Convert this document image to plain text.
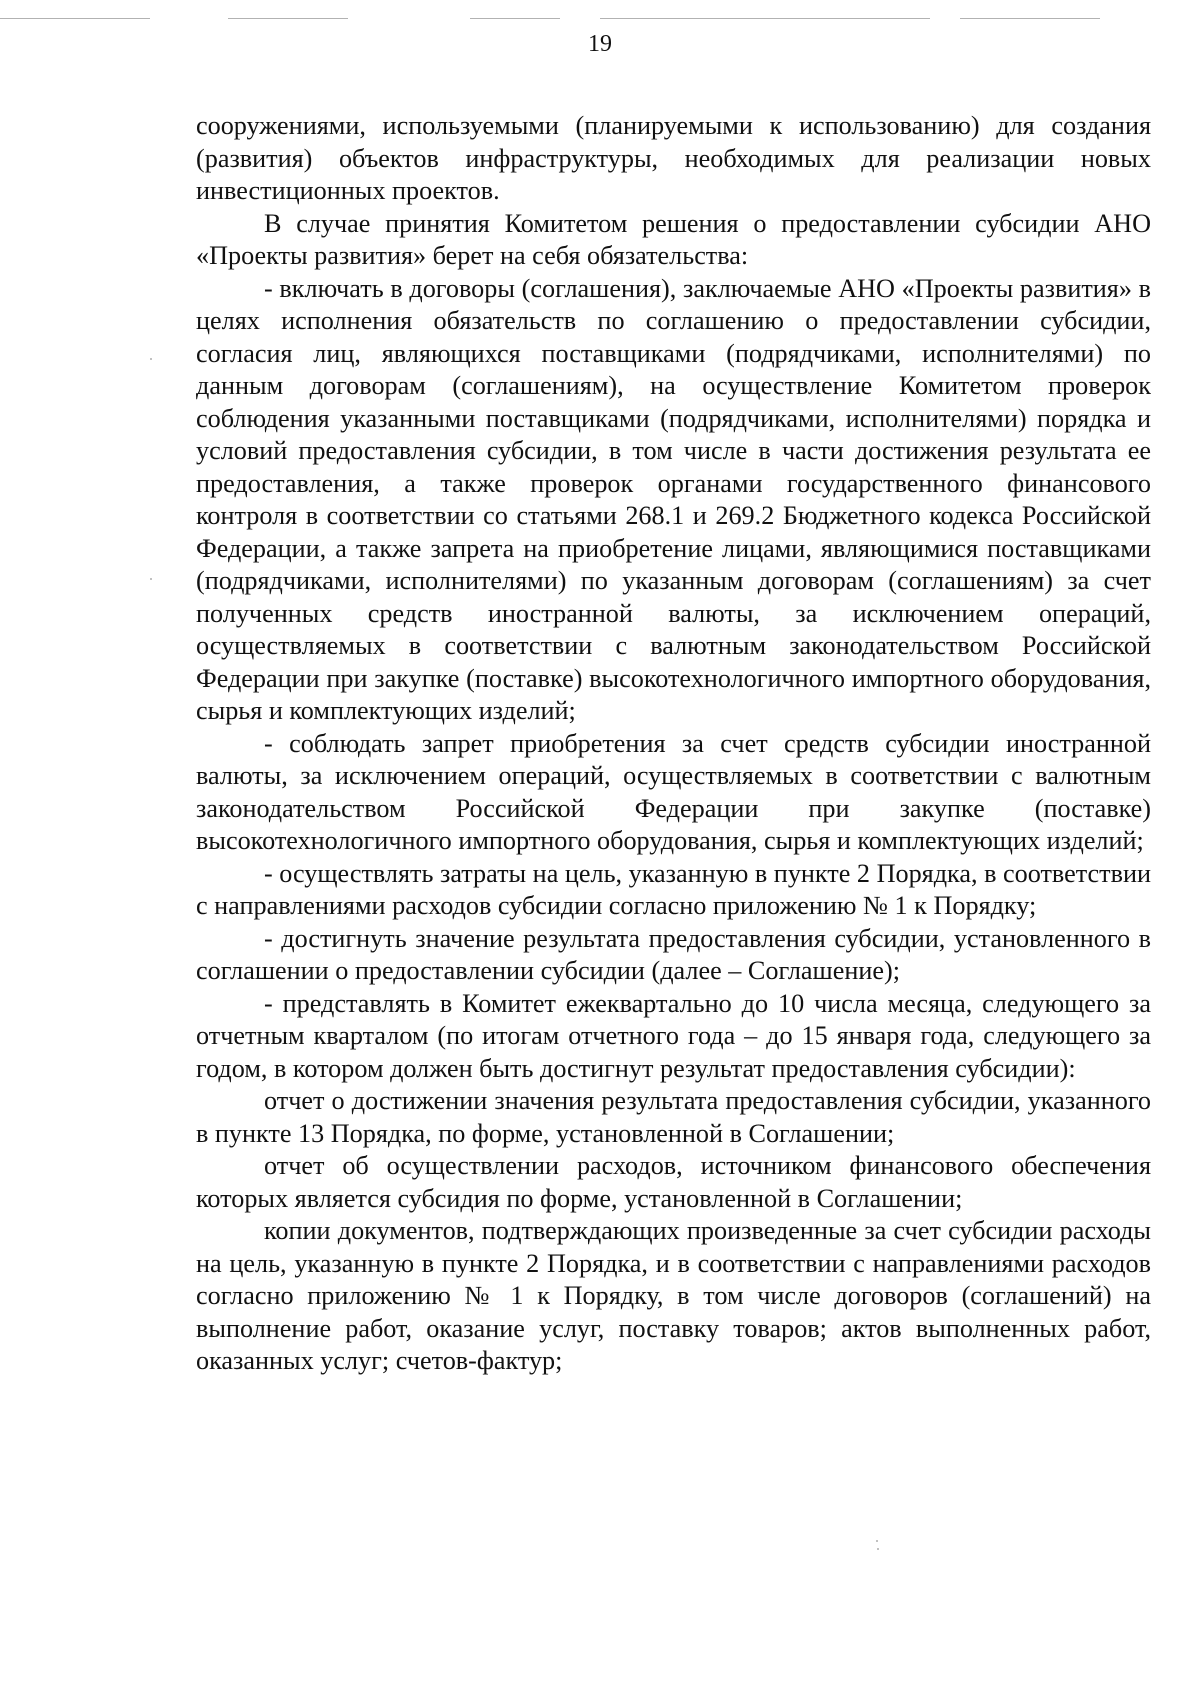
19

сооружениями, используемыми (планируемыми к использованию) для создания (развития) объектов инфраструктуры, необходимых для реализации новых инвестиционных проектов.

В случае принятия Комитетом решения о предоставлении субсидии АНО «Проекты развития» берет на себя обязательства:

- включать в договоры (соглашения), заключаемые АНО «Проекты развития» в целях исполнения обязательств по соглашению о предоставлении субсидии, согласия лиц, являющихся поставщиками (подрядчиками, исполнителями) по данным договорам (соглашениям), на осуществление Комитетом проверок соблюдения указанными поставщиками (подрядчиками, исполнителями) порядка и условий предоставления субсидии, в том числе в части достижения результата ее предоставления, а также проверок органами государственного финансового контроля в соответствии со статьями 268.1 и 269.2 Бюджетного кодекса Российской Федерации, а также запрета на приобретение лицами, являющимися поставщиками (подрядчиками, исполнителями) по указанным договорам (соглашениям) за счет полученных средств иностранной валюты, за исключением операций, осуществляемых в соответствии с валютным законодательством Российской Федерации при закупке (поставке) высокотехнологичного импортного оборудования, сырья и комплектующих изделий;

- соблюдать запрет приобретения за счет средств субсидии иностранной валюты, за исключением операций, осуществляемых в соответствии с валютным законодательством Российской Федерации при закупке (поставке) высокотехнологичного импортного оборудования, сырья и комплектующих изделий;

- осуществлять затраты на цель, указанную в пункте 2 Порядка, в соответствии с направлениями расходов субсидии согласно приложению № 1 к Порядку;

- достигнуть значение результата предоставления субсидии, установленного в соглашении о предоставлении субсидии (далее – Соглашение);

- представлять в Комитет ежеквартально до 10 числа месяца, следующего за отчетным кварталом (по итогам отчетного года – до 15 января года, следующего за годом, в котором должен быть достигнут результат предоставления субсидии):

отчет о достижении значения результата предоставления субсидии, указанного в пункте 13 Порядка, по форме, установленной в Соглашении;

отчет об осуществлении расходов, источником финансового обеспечения которых является субсидия по форме, установленной в Соглашении;

копии документов, подтверждающих произведенные за счет субсидии расходы на цель, указанную в пункте 2 Порядка, и в соответствии с направлениями расходов согласно приложению № 1 к Порядку, в том числе договоров (соглашений) на выполнение работ, оказание услуг, поставку товаров; актов выполненных работ, оказанных услуг; счетов-фактур;
